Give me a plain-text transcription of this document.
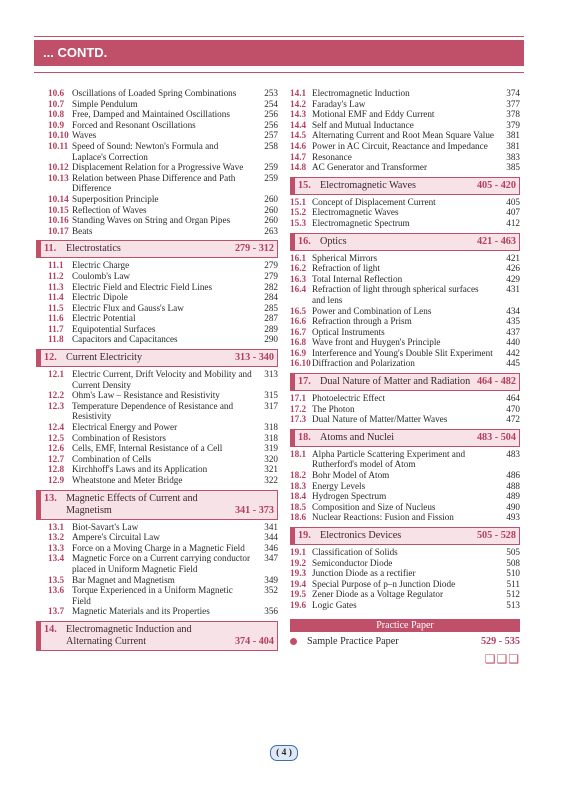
... CONTD.
10.6 Oscillations of Loaded Spring Combinations	253
10.7 Simple Pendulum	254
10.8 Free, Damped and Maintained Oscillations	256
10.9 Forced and Resonant Oscillations	256
10.10 Waves	257
10.11 Speed of Sound: Newton's Formula and Laplace's Correction
258
10.12 Displacement Relation for a Progressive Wave	259
10.13 Relation between Phase Difference and Path Difference
259
10.14 Superposition Principle	260
10.15 Reflection of Waves	260
10.16 Standing Waves on String and Organ Pipes	260
10.17 Beats	263
11. Electrostatics	279 - 312
11.1 Electric Charge	279
11.2 Coulomb's Law	279
11.3 Electric Field and Electric Field Lines	282
11.4 Electric Dipole	284
11.5 Electric Flux and Gauss's Law	285
11.6 Electric Potential	287
11.7 Equipotential Surfaces	289
11.8 Capacitors and Capacitances	290
12. Current Electricity	313 - 340
12.1 Electric Current, Drift Velocity and Mobility and Current Density
313
12.2 Ohm's Law – Resistance and Resistivity	315
12.3 Temperature Dependence of Resistance and Resistivity
317
12.4 Electrical Energy and Power	318
12.5 Combination of Resistors	318
12.6 Cells, EMF, Internal Resistance of a Cell	319
12.7 Combination of Cells	320
12.8 Kirchhoff's Laws and its Application	321
12.9 Wheatstone and Meter Bridge	322
13. Magnetic Effects of Current and Magnetism	341 - 373
13.1 Biot-Savart's Law	341
13.2 Ampere's Circuital Law	344
13.3 Force on a Moving Charge in a Magnetic Field	346
13.4 Magnetic Force on a Current carrying conductor placed in Uniform Magnetic Field
347
13.5 Bar Magnet and Magnetism	349
13.6 Torque Experienced in a Uniform Magnetic Field
352
13.7 Magnetic Materials and its Properties	356
14. Electromagnetic Induction and Alternating Current	374 - 404
14.1 Electromagnetic Induction	374
14.2 Faraday's Law	377
14.3 Motional EMF and Eddy Current	378
14.4 Self and Mutual Inductance	379
14.5 Alternating Current and Root Mean Square Value	381
14.6 Power in AC Circuit, Reactance and Impedance	381
14.7 Resonance	383
14.8 AC Generator and Transformer	385
15. Electromagnetic Waves	405 - 420
15.1 Concept of Displacement Current	405
15.2 Electromagnetic Waves	407
15.3 Electromagnetic Spectrum	412
16. Optics	421 - 463
16.1 Spherical Mirrors	421
16.2 Refraction of light	426
16.3 Total Internal Reflection	429
16.4 Refraction of light through spherical surfaces and lens
431
16.5 Power and Combination of Lens	434
16.6 Refraction through a Prism	435
16.7 Optical Instruments	437
16.8 Wave front and Huygen's Principle	440
16.9 Interference and Young's Double Slit Experiment	442
16.10 Diffraction and Polarization	445
17. Dual Nature of Matter and Radiation 464 - 482
17.1 Photoelectric Effect	464
17.2 The Photon	470
17.3 Dual Nature of Matter/Matter Waves	472
18. Atoms and Nuclei	483 - 504
18.1 Alpha Particle Scattering Experiment and Rutherford's model of Atom
483
18.2 Bohr Model of Atom	486
18.3 Energy Levels	488
18.4 Hydrogen Spectrum	489
18.5 Composition and Size of Nucleus	490
18.6 Nuclear Reactions: Fusion and Fission	493
19. Electronics Devices	505 - 528
19.1 Classification of Solids	505
19.2 Semiconductor Diode	508
19.3 Junction Diode as a rectifier	510
19.4 Special Purpose of p–n Junction Diode	511
19.5 Zener Diode as a Voltage Regulator	512
19.6 Logic Gates	513
Practice Paper
Sample Practice Paper	529 - 535
❑❑❑
( 4 )
